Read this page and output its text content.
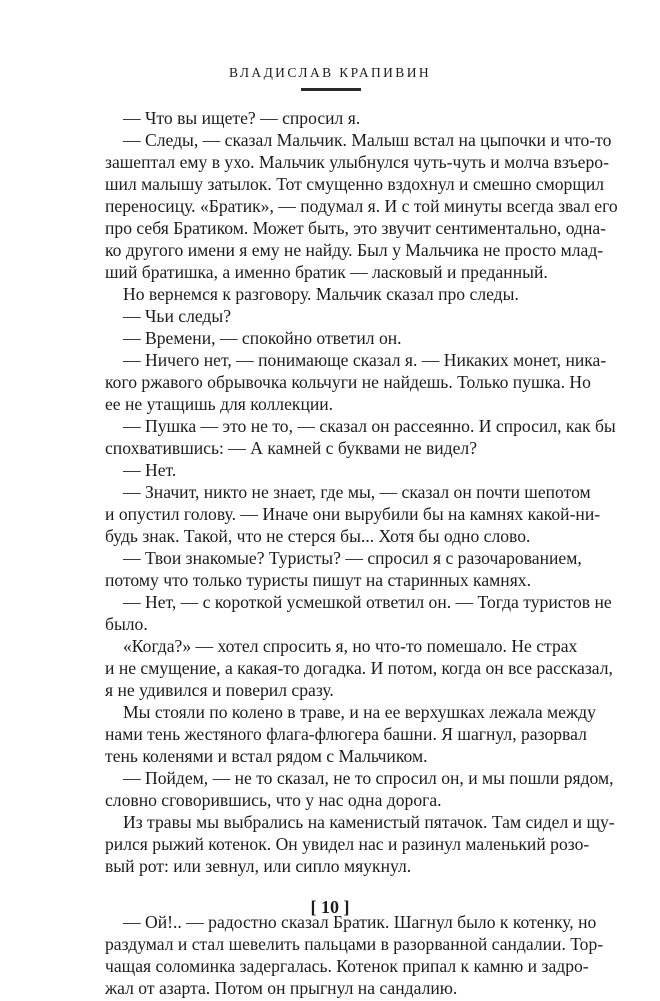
ВЛАДИСЛАВ КРАПИВИН
— Что вы ищете? — спросил я.
— Следы, — сказал Мальчик. Малыш встал на цыпочки и что-то
зашептал ему в ухо. Мальчик улыбнулся чуть-чуть и молча взъеро-
шил малышу затылок. Тот смущенно вздохнул и смешно сморщил
переносицу. «Братик», — подумал я. И с той минуты всегда звал его
про себя Братиком. Может быть, это звучит сентиментально, одна-
ко другого имени я ему не найду. Был у Мальчика не просто млад-
ший братишка, а именно братик — ласковый и преданный.
Но вернемся к разговору. Мальчик сказал про следы.
— Чьи следы?
— Времени, — спокойно ответил он.
— Ничего нет, — понимающе сказал я. — Никаких монет, ника-
кого ржавого обрывочка кольчуги не найдешь. Только пушка. Но
ее не утащишь для коллекции.
— Пушка — это не то, — сказал он рассеянно. И спросил, как бы
спохватившись: — А камней с буквами не видел?
— Нет.
— Значит, никто не знает, где мы, — сказал он почти шепотом
и опустил голову. — Иначе они вырубили бы на камнях какой-ни-
будь знак. Такой, что не стерся бы... Хотя бы одно слово.
— Твои знакомые? Туристы? — спросил я с разочарованием,
потому что только туристы пишут на старинных камнях.
— Нет, — с короткой усмешкой ответил он. — Тогда туристов не
было.
«Когда?» — хотел спросить я, но что-то помешало. Не страх
и не смущение, а какая-то догадка. И потом, когда он все рассказал,
я не удивился и поверил сразу.
Мы стояли по колено в траве, и на ее верхушках лежала между
нами тень жестяного флага-флюгера башни. Я шагнул, разорвал
тень коленями и встал рядом с Мальчиком.
— Пойдем, — не то сказал, не то спросил он, и мы пошли рядом,
словно сговорившись, что у нас одна дорога.
Из травы мы выбрались на каменистый пятачок. Там сидел и щу-
рился рыжий котенок. Он увидел нас и разинул маленький розо-
вый рот: или зевнул, или сипло мяукнул.
— Ой!.. — радостно сказал Братик. Шагнул было к котенку, но
раздумал и стал шевелить пальцами в разорванной сандалии. Тор-
чащая соломинка задергалась. Котенок припал к камню и задро-
жал от азарта. Потом он прыгнул на сандалию.
[ 10 ]
